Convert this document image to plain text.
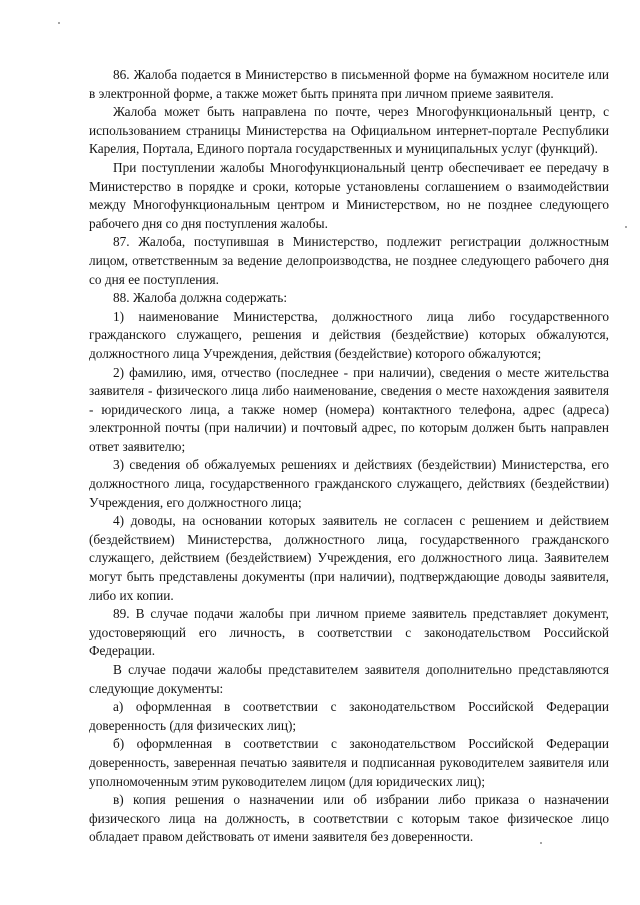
86. Жалоба подается в Министерство в письменной форме на бумажном носителе или в электронной форме, а также может быть принята при личном приеме заявителя.

Жалоба может быть направлена по почте, через Многофункциональный центр, с использованием страницы Министерства на Официальном интернет-портале Республики Карелия, Портала, Единого портала государственных и муниципальных услуг (функций).

При поступлении жалобы Многофункциональный центр обеспечивает ее передачу в Министерство в порядке и сроки, которые установлены соглашением о взаимодействии между Многофункциональным центром и Министерством, но не позднее следующего рабочего дня со дня поступления жалобы.

87. Жалоба, поступившая в Министерство, подлежит регистрации должностным лицом, ответственным за ведение делопроизводства, не позднее следующего рабочего дня со дня ее поступления.

88. Жалоба должна содержать:

1) наименование Министерства, должностного лица либо государственного гражданского служащего, решения и действия (бездействие) которых обжалуются, должностного лица Учреждения, действия (бездействие) которого обжалуются;

2) фамилию, имя, отчество (последнее - при наличии), сведения о месте жительства заявителя - физического лица либо наименование, сведения о месте нахождения заявителя - юридического лица, а также номер (номера) контактного телефона, адрес (адреса) электронной почты (при наличии) и почтовый адрес, по которым должен быть направлен ответ заявителю;

3) сведения об обжалуемых решениях и действиях (бездействии) Министерства, его должностного лица, государственного гражданского служащего, действиях (бездействии) Учреждения, его должностного лица;

4) доводы, на основании которых заявитель не согласен с решением и действием (бездействием) Министерства, должностного лица, государственного гражданского служащего, действием (бездействием) Учреждения, его должностного лица. Заявителем могут быть представлены документы (при наличии), подтверждающие доводы заявителя, либо их копии.

89. В случае подачи жалобы при личном приеме заявитель представляет документ, удостоверяющий его личность, в соответствии с законодательством Российской Федерации.

В случае подачи жалобы представителем заявителя дополнительно представляются следующие документы:

а) оформленная в соответствии с законодательством Российской Федерации доверенность (для физических лиц);

б) оформленная в соответствии с законодательством Российской Федерации доверенность, заверенная печатью заявителя и подписанная руководителем заявителя или уполномоченным этим руководителем лицом (для юридических лиц);

в) копия решения о назначении или об избрании либо приказа о назначении физического лица на должность, в соответствии с которым такое физическое лицо обладает правом действовать от имени заявителя без доверенности.
